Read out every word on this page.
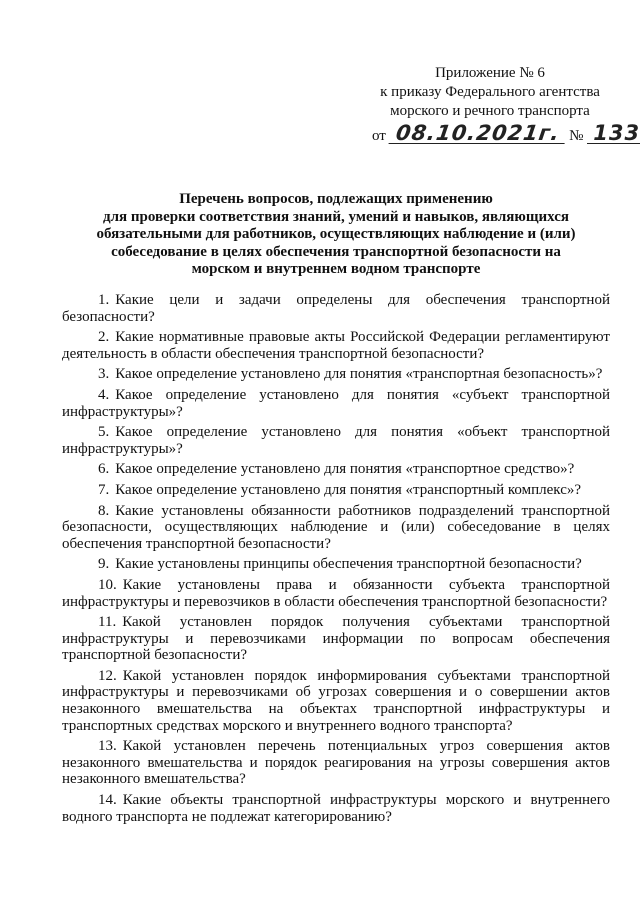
Приложение № 6
к приказу Федерального агентства
морского и речного транспорта
от 08.10.2021г. № 133
Перечень вопросов, подлежащих применению
для проверки соответствия знаний, умений и навыков, являющихся
обязательными для работников, осуществляющих наблюдение и (или)
собеседование в целях обеспечения транспортной безопасности на
морском и внутреннем водном транспорте

1. Какие цели и задачи определены для обеспечения транспортной безопасности?

2. Какие нормативные правовые акты Российской Федерации регламентируют деятельность в области обеспечения транспортной безопасности?

3. Какое определение установлено для понятия «транспортная безопасность»?

4. Какое определение установлено для понятия «субъект транспортной инфраструктуры»?

5. Какое определение установлено для понятия «объект транспортной инфраструктуры»?

6. Какое определение установлено для понятия «транспортное средство»?

7. Какое определение установлено для понятия «транспортный комплекс»?

8. Какие установлены обязанности работников подразделений транспортной безопасности, осуществляющих наблюдение и (или) собеседование в целях обеспечения транспортной безопасности?

9. Какие установлены принципы обеспечения транспортной безопасности?

10. Какие установлены права и обязанности субъекта транспортной инфраструктуры и перевозчиков в области обеспечения транспортной безопасности?

11. Какой установлен порядок получения субъектами транспортной инфраструктуры и перевозчиками информации по вопросам обеспечения транспортной безопасности?

12. Какой установлен порядок информирования субъектами транспортной инфраструктуры и перевозчиками об угрозах совершения и о совершении актов незаконного вмешательства на объектах транспортной инфраструктуры и транспортных средствах морского и внутреннего водного транспорта?

13. Какой установлен перечень потенциальных угроз совершения актов незаконного вмешательства и порядок реагирования на угрозы совершения актов незаконного вмешательства?

14. Какие объекты транспортной инфраструктуры морского и внутреннего водного транспорта не подлежат категорированию?
